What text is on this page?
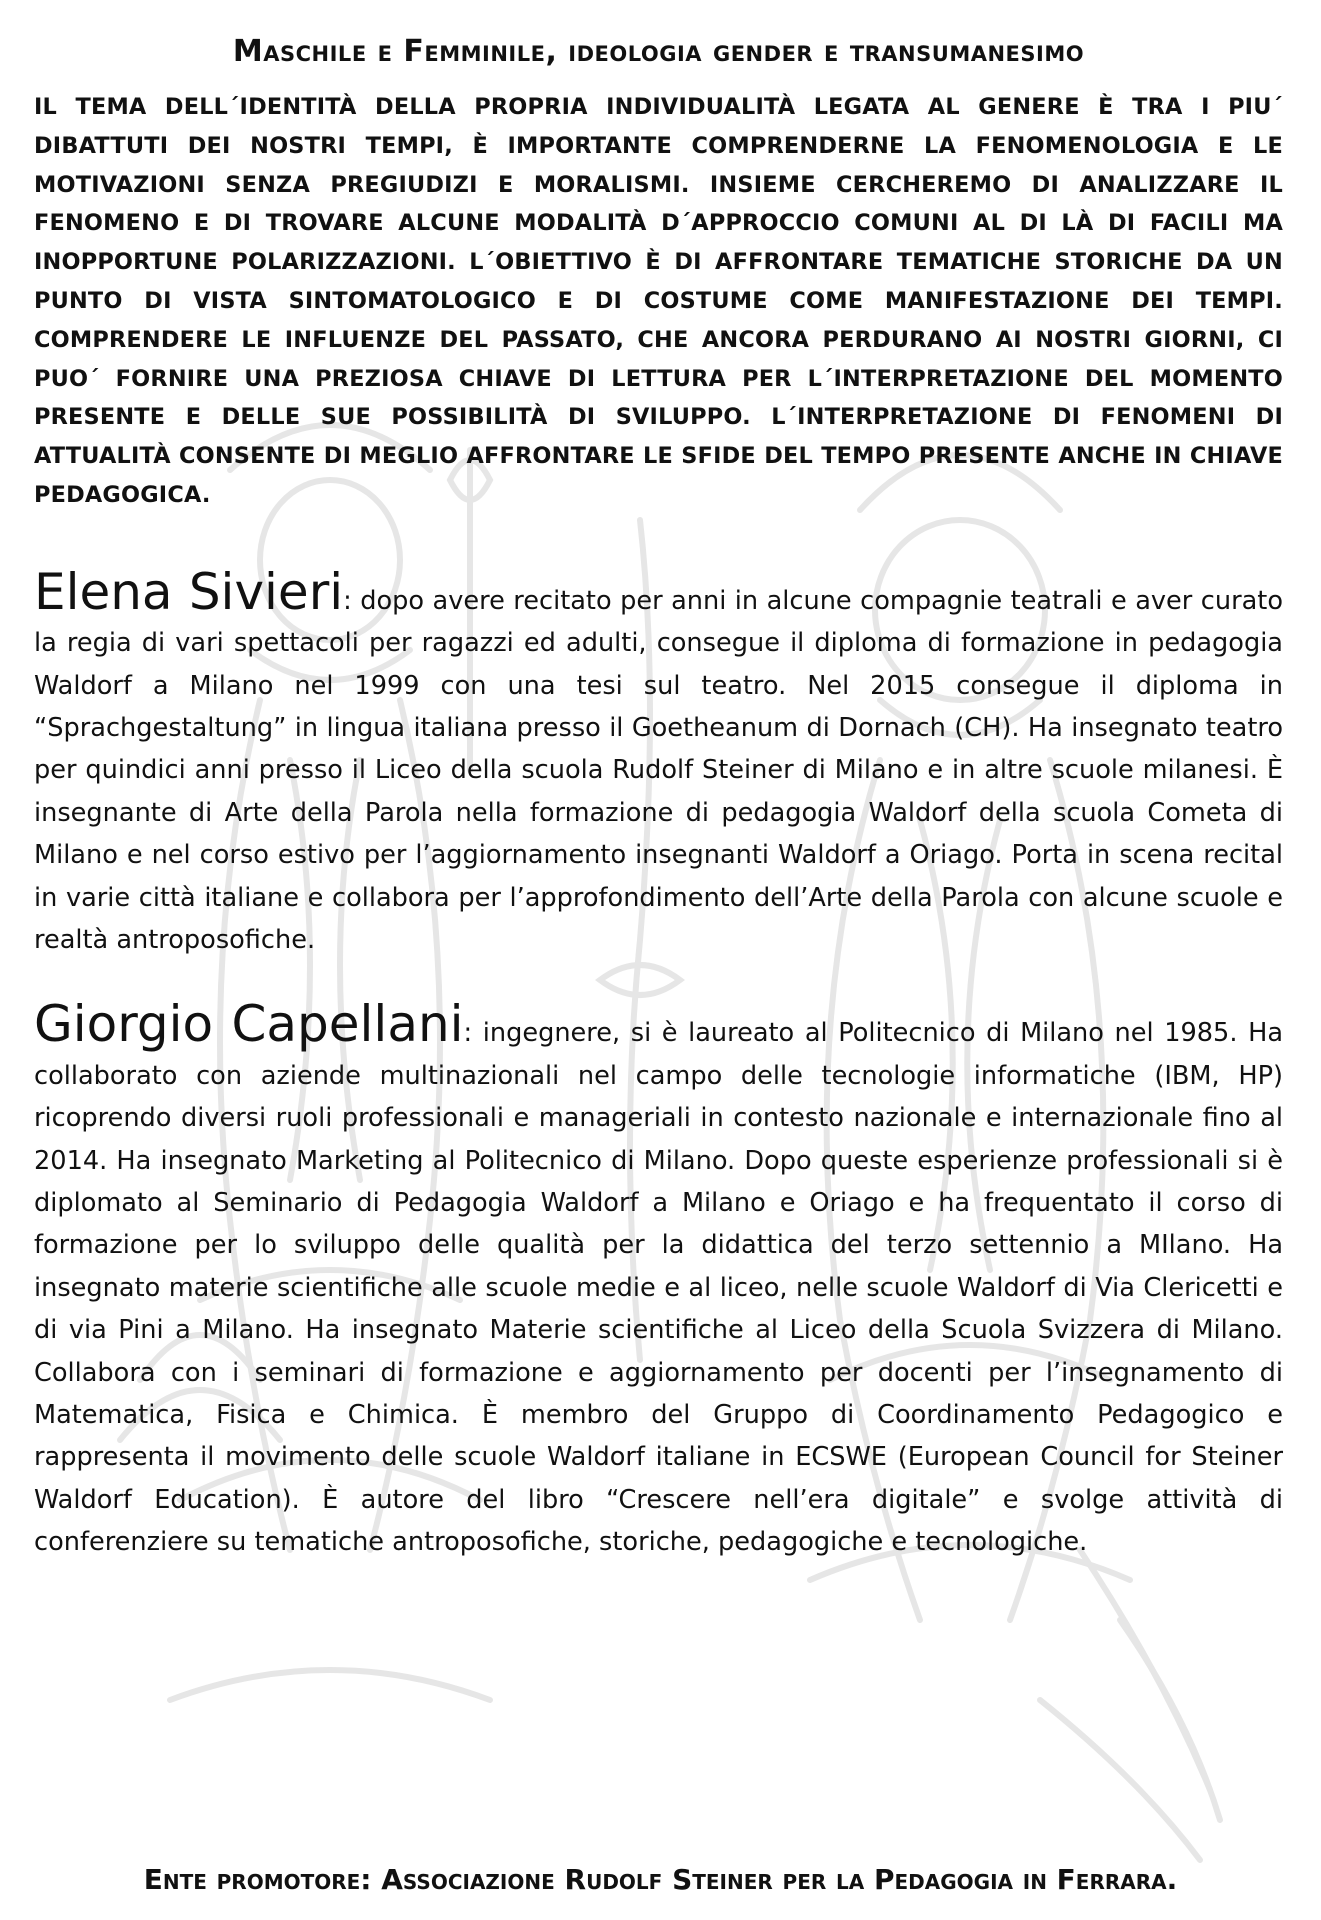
Maschile e Femminile, ideologia gender e transumanesimo

IL TEMA DELL´IDENTITÀ DELLA PROPRIA INDIVIDUALITÀ LEGATA AL GENERE È TRA I PIU´ DIBATTUTI DEI NOSTRI TEMPI, È IMPORTANTE COMPRENDERNE LA FENOMENOLOGIA E LE MOTIVAZIONI SENZA PREGIUDIZI E MORALISMI. INSIEME CERCHEREMO DI ANALIZZARE IL FENOMENO E DI TROVARE ALCUNE MODALITÀ D´APPROCCIO COMUNI AL DI LÀ DI FACILI MA INOPPORTUNE POLARIZZAZIONI. L´OBIETTIVO È DI AFFRONTARE TEMATICHE STORICHE DA UN PUNTO DI VISTA SINTOMATOLOGICO E DI COSTUME COME MANIFESTAZIONE DEI TEMPI. COMPRENDERE LE INFLUENZE DEL PASSATO, CHE ANCORA PERDURANO AI NOSTRI GIORNI, CI PUO´ FORNIRE UNA PREZIOSA CHIAVE DI LETTURA PER L´INTERPRETAZIONE DEL MOMENTO PRESENTE E DELLE SUE POSSIBILITÀ DI SVILUPPO. L´INTERPRETAZIONE DI FENOMENI DI ATTUALITÀ CONSENTE DI MEGLIO AFFRONTARE LE SFIDE DEL TEMPO PRESENTE ANCHE IN CHIAVE PEDAGOGICA.

Elena Sivieri: dopo avere recitato per anni in alcune compagnie teatrali e aver curato la regia di vari spettacoli per ragazzi ed adulti, consegue il diploma di formazione in pedagogia Waldorf a Milano nel 1999 con una tesi sul teatro. Nel 2015 consegue il diploma in “Sprachgestaltung” in lingua italiana presso il Goetheanum di Dornach (CH). Ha insegnato teatro per quindici anni presso il Liceo della scuola Rudolf Steiner di Milano e in altre scuole milanesi. È insegnante di Arte della Parola nella formazione di pedagogia Waldorf della scuola Cometa di Milano e nel corso estivo per l’aggiornamento insegnanti Waldorf a Oriago. Porta in scena recital in varie città italiane e collabora per l’approfondimento dell’Arte della Parola con alcune scuole e realtà antroposofiche.

Giorgio Capellani: ingegnere, si è laureato al Politecnico di Milano nel 1985. Ha collaborato con aziende multinazionali nel campo delle tecnologie informatiche (IBM, HP) ricoprendo diversi ruoli professionali e manageriali in contesto nazionale e internazionale fino al 2014. Ha insegnato Marketing al Politecnico di Milano. Dopo queste esperienze professionali si è diplomato al Seminario di Pedagogia Waldorf a Milano e Oriago e ha frequentato il corso di formazione per lo sviluppo delle qualità per la didattica del terzo settennio a MIlano. Ha insegnato materie scientifiche alle scuole medie e al liceo, nelle scuole Waldorf di Via Clericetti e di via Pini a Milano. Ha insegnato Materie scientifiche al Liceo della Scuola Svizzera di Milano. Collabora con i seminari di formazione e aggiornamento per docenti per l’insegnamento di Matematica, Fisica e Chimica. È membro del Gruppo di Coordinamento Pedagogico e rappresenta il movimento delle scuole Waldorf italiane in ECSWE (European Council for Steiner Waldorf Education). È autore del libro “Crescere nell’era digitale” e svolge attività di conferenziere su tematiche antroposofiche, storiche, pedagogiche e tecnologiche.

Ente promotore: Associazione Rudolf Steiner per la Pedagogia in Ferrara.
